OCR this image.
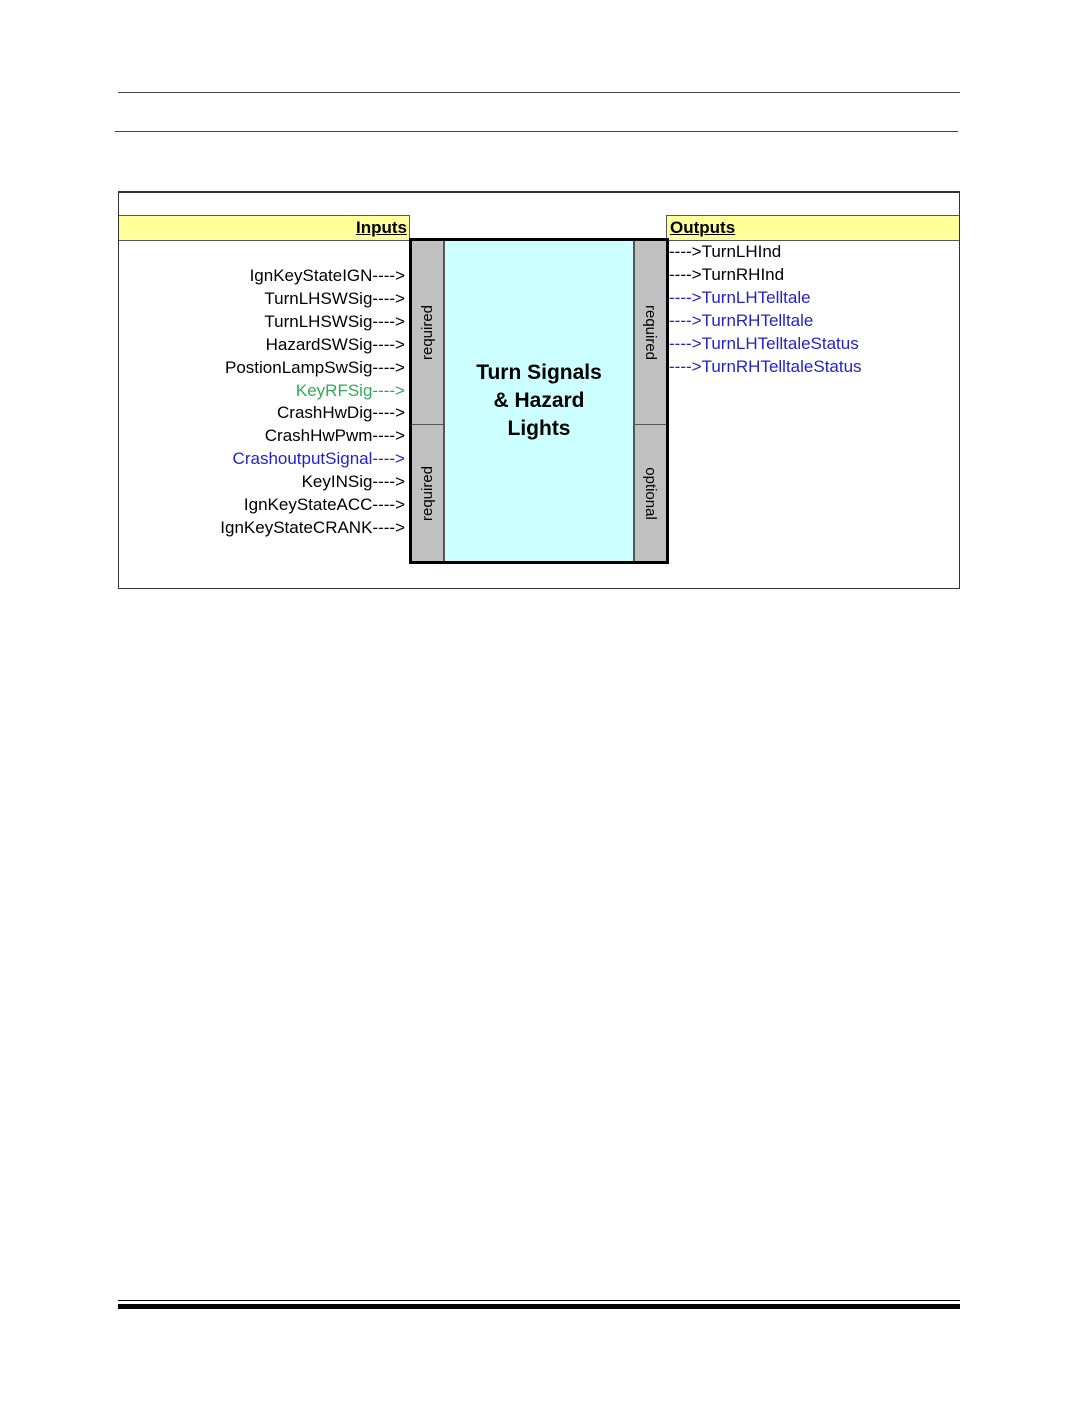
Inputs	Outputs
required
required
Turn Signals
& Hazard
Lights
required
optional
IgnKeyStateIGN---->
TurnLHSWSig---->
TurnLHSWSig---->
HazardSWSig---->
PostionLampSwSig---->
KeyRFSig---->
CrashHwDig---->
CrashHwPwm---->
CrashoutputSignal---->
KeyINSig---->
IgnKeyStateACC---->
IgnKeyStateCRANK---->
---->TurnLHInd
---->TurnRHInd
---->TurnLHTelltale
---->TurnRHTelltale
---->TurnLHTelltaleStatus
---->TurnRHTelltaleStatus
